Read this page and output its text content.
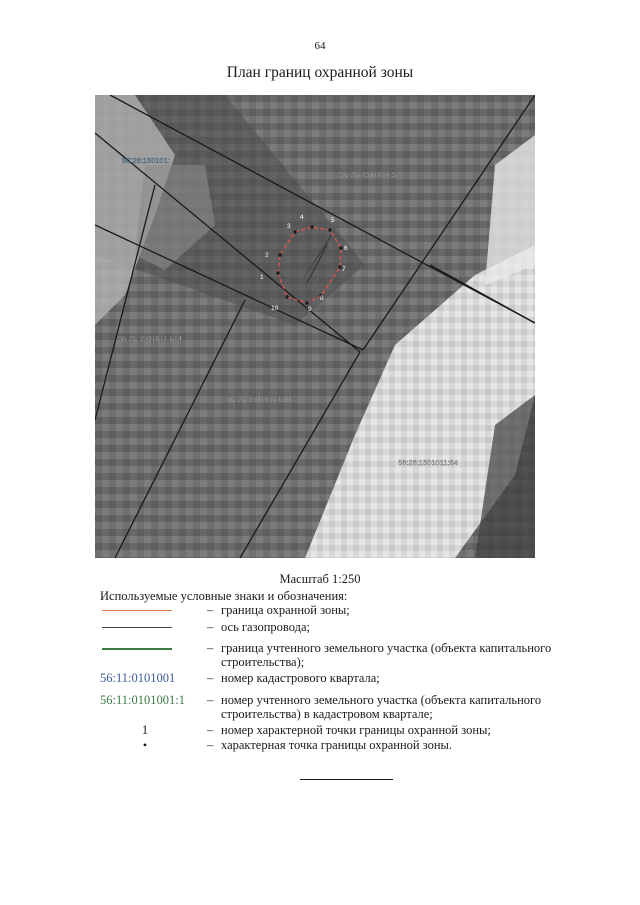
64
План границ охранной зоны
1
2
3
4	5
6
7
8
9
10
56:26:150101:
56:26:1501011:52
56:26:1501011:614
56:26:1501011:603
56:26:1501011:54
Масштаб 1:250
Используемые условные знаки и обозначения:
– граница охранной зоны;
– ось газопровода;
– граница учтенного земельного участка (объекта капитального строительства);
56:11:0101001	– номер кадастрового квартала;
56:11:0101001:1	– номер учтенного земельного участка (объекта капитального строительства) в кадастровом квартале;
1	– номер характерной точки границы охранной зоны;
•	– характерная точка границы охранной зоны.
